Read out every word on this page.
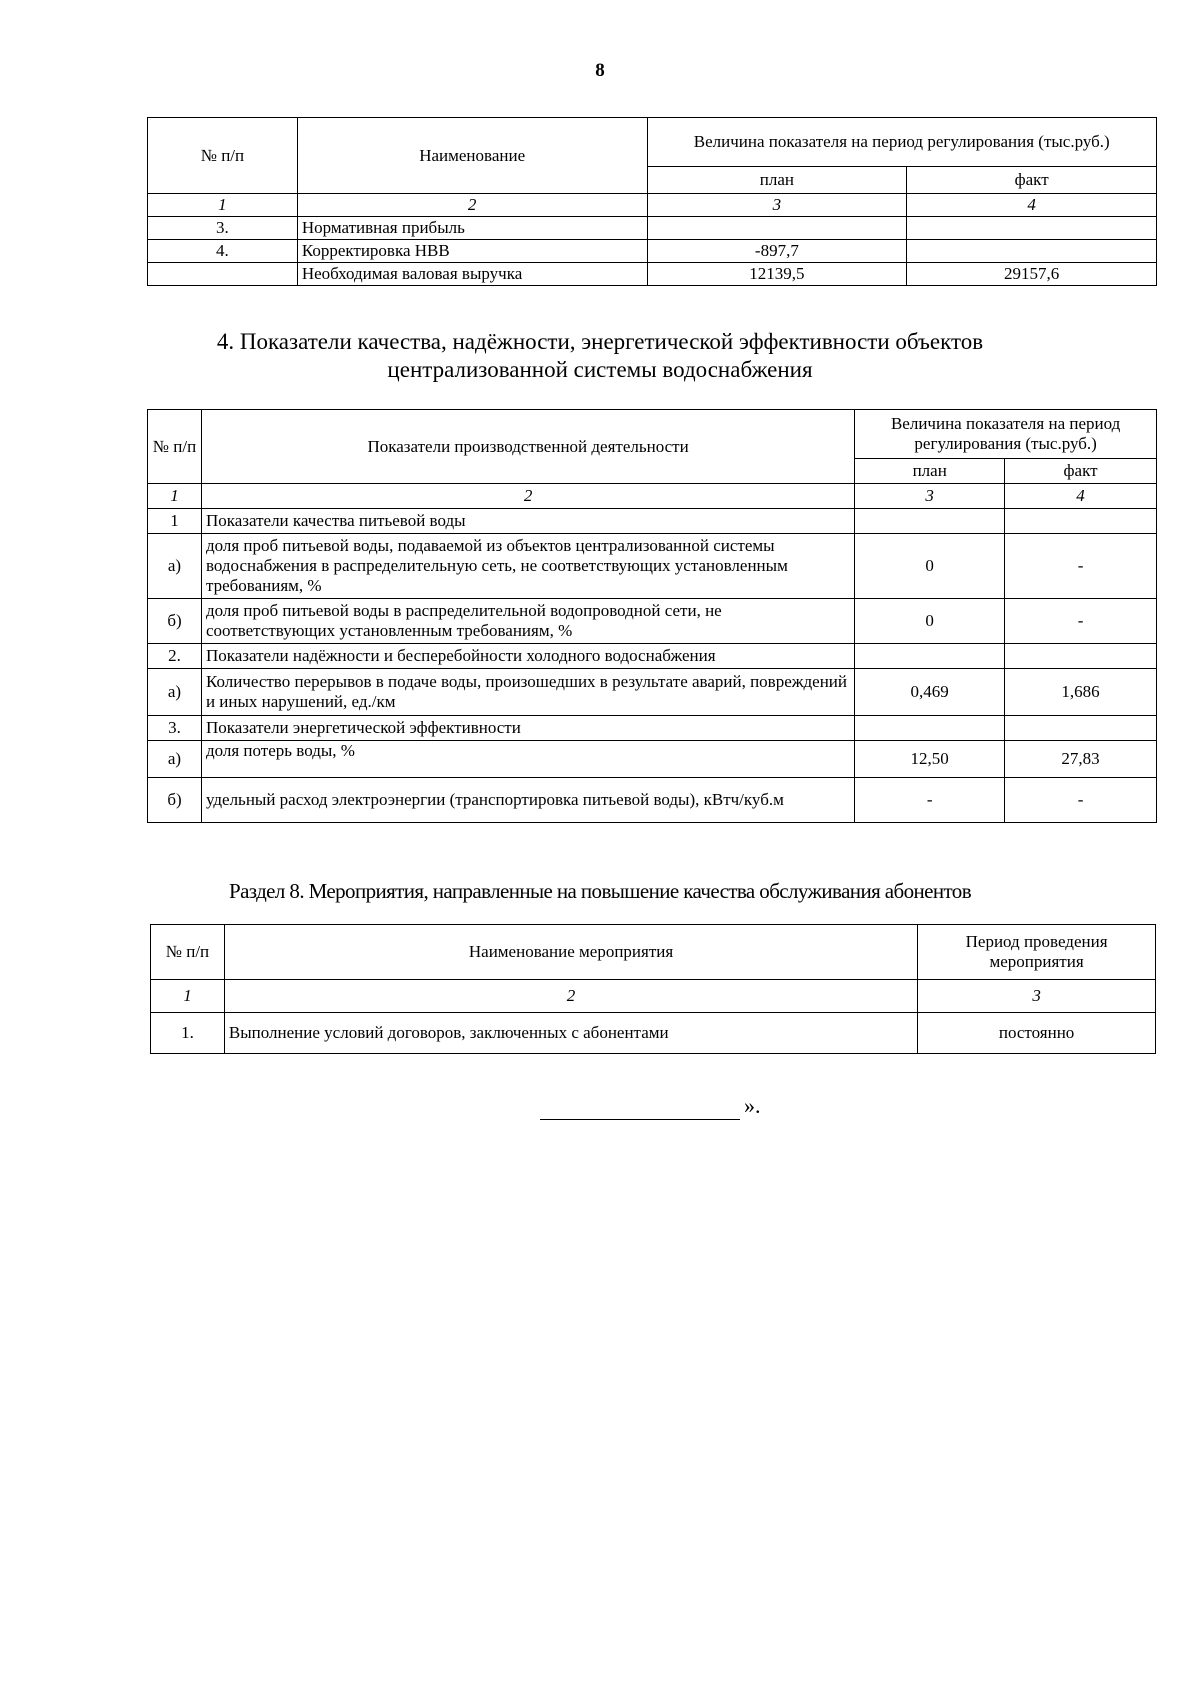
8
№ п/п	Наименование	Величина показателя на период регулирования (тыс.руб.)	
		план	факт
1	2	3	4
3.	Нормативная прибыль		
4.	Корректировка НВВ	-897,7	
	Необходимая валовая выручка	12139,5	29157,6
4. Показатели качества, надёжности, энергетической эффективности объектов
централизованной системы водоснабжения
№ п/п	Показатели производственной деятельности	Величина показателя на период регулирования (тыс.руб.)	
		план	факт
1	2	3	4
1	Показатели качества питьевой воды		
а)	доля проб питьевой воды, подаваемой из объектов централизованной системы водоснабжения в распределительную сеть, не соответствующих установленным требованиям, %	0	-
б)	доля проб питьевой воды в распределительной водопроводной сети, не соответствующих установленным требованиям, %	0	-
2.	Показатели надёжности и бесперебойности холодного водоснабжения		
а)	Количество перерывов в подаче воды, произошедших в результате аварий, повреждений и иных нарушений, ед./км	0,469	1,686
3.	Показатели энергетической эффективности		
а)	доля потерь воды, %	12,50	27,83
б)	удельный расход электроэнергии (транспортировка питьевой воды), кВтч/куб.м	-	-
Раздел 8. Мероприятия, направленные на повышение качества обслуживания абонентов
№ п/п	Наименование мероприятия	Период проведения мероприятия
1	2	3
1.	Выполнение условий договоров, заключенных с абонентами	постоянно
».
